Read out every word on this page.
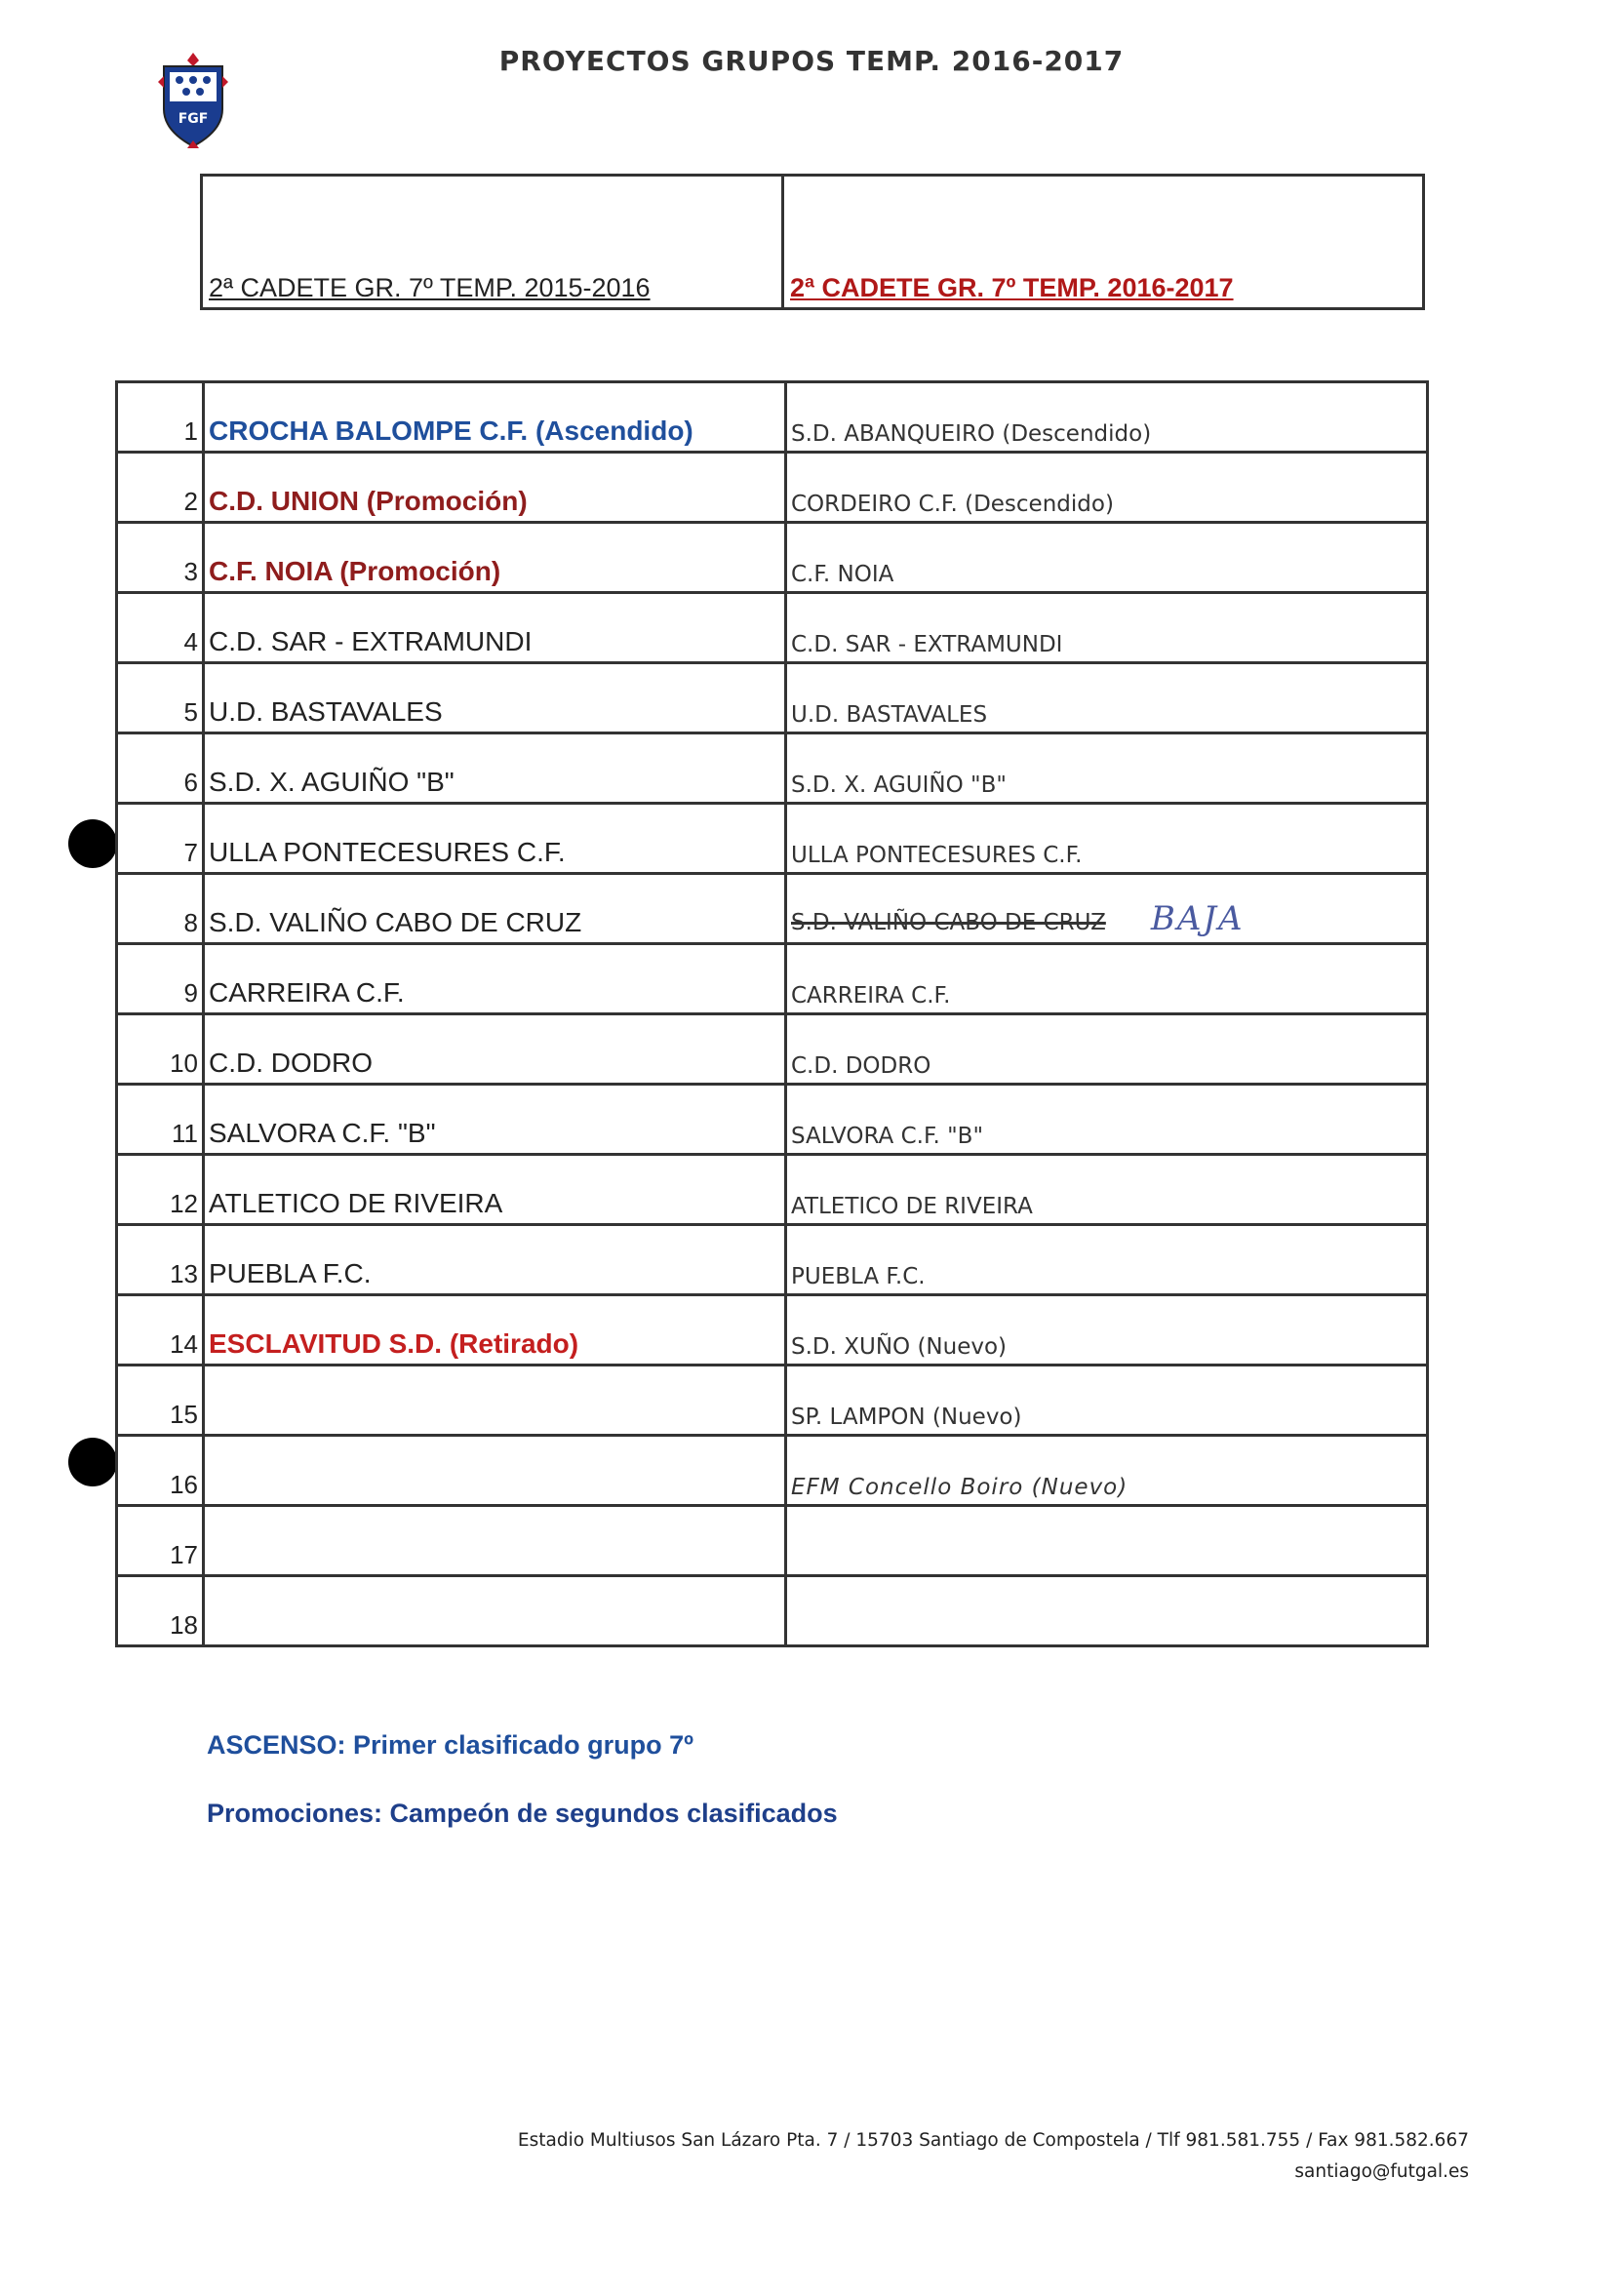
FGF
PROYECTOS GRUPOS TEMP. 2016-2017
2ª CADETE GR. 7º TEMP. 2015-2016	2ª CADETE GR. 7º TEMP. 2016-2017
1	CROCHA BALOMPE C.F. (Ascendido)	S.D. ABANQUEIRO (Descendido)
2	C.D. UNION (Promoción)	CORDEIRO C.F. (Descendido)
3	C.F. NOIA (Promoción)	C.F. NOIA
4	C.D. SAR - EXTRAMUNDI	C.D. SAR - EXTRAMUNDI
5	U.D. BASTAVALES	U.D. BASTAVALES
6	S.D. X. AGUIÑO "B"	S.D. X. AGUIÑO "B"
7	ULLA PONTECESURES C.F.	ULLA PONTECESURES C.F.
8	S.D. VALIÑO CABO DE CRUZ	S.D. VALIÑO CABO DE CRUZ BAJA
9	CARREIRA C.F.	CARREIRA C.F.
10	C.D. DODRO	C.D. DODRO
11	SALVORA C.F. "B"	SALVORA C.F. "B"
12	ATLETICO DE RIVEIRA	ATLETICO DE RIVEIRA
13	PUEBLA F.C.	PUEBLA F.C.
14	ESCLAVITUD S.D. (Retirado)	S.D. XUÑO (Nuevo)
15		SP. LAMPON (Nuevo)
16		EFM Concello Boiro (Nuevo)
17		
18		
ASCENSO: Primer clasificado grupo 7º
Promociones: Campeón de segundos clasificados
Estadio Multiusos San Lázaro Pta. 7 / 15703 Santiago de Compostela / Tlf 981.581.755 / Fax 981.582.667
santiago@futgal.es
